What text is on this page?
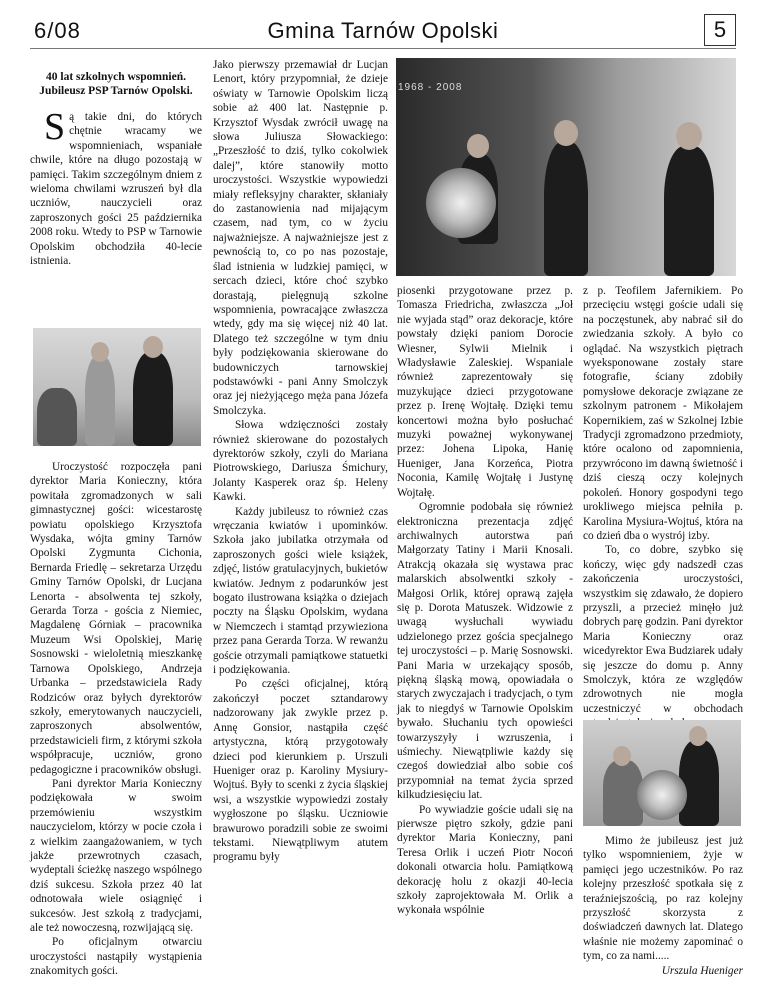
6/08	Gmina Tarnów Opolski	5
40 lat szkolnych wspomnień. Jubileusz PSP Tarnów Opolski.

S ą takie dni, do których chętnie wracamy we wspomnieniach, wspaniałe chwile, które na długo pozostają w pamięci. Takim szczególnym dniem z wieloma chwilami wzruszeń był dla uczniów, nauczycieli oraz zaproszonych gości 25 października 2008 roku. Wtedy to PSP w Tarnowie Opolskim obchodziła 40-lecie istnienia.

Uroczystość rozpoczęła pani dyrektor Maria Konieczny, która powitała zgromadzonych w sali gimnastycznej gości: wicestarostę powiatu opolskiego Krzysztofa Wysdaka, wójta gminy Tarnów Opolski Zygmunta Cichonia, Bernarda Friedlę – sekretarza Urzędu Gminy Tarnów Opolski, dr Lucjana Lenorta - absolwenta tej szkoły, Gerarda Torza - gościa z Niemiec, Magdalenę Górniak – pracownika Muzeum Wsi Opolskiej, Marię Sosnowski - wieloletnią mieszkankę Tarnowa Opolskiego, Andrzeja Urbanka – przedstawiciela Rady Rodziców oraz byłych dyrektorów szkoły, emerytowanych nauczycieli, zaproszonych absolwentów, przedstawicieli firm, z którymi szkoła współpracuje, uczniów, grono pedagogiczne i pracowników obsługi.

Pani dyrektor Maria Konieczny podziękowała w swoim przemówieniu wszystkim nauczycielom, którzy w pocie czoła i z wielkim zaangażowaniem, w tych jakże przewrotnych czasach, wydeptali ścieżkę naszego wspólnego dziś sukcesu. Szkoła przez 40 lat odnotowała wiele osiągnięć i sukcesów. Jest szkołą z tradycjami, ale też nowoczesną, rozwijającą się.

Po oficjalnym otwarciu uroczystości nastąpiły wystąpienia znakomitych gości.

Jako pierwszy przemawiał dr Lucjan Lenort, który przypomniał, że dzieje oświaty w Tarnowie Opolskim liczą sobie aż 400 lat. Następnie p. Krzysztof Wysdak zwrócił uwagę na słowa Juliusza Słowackiego: „Przeszłość to dziś, tylko cokolwiek dalej”, które stanowiły motto uroczystości. Wszystkie wypowiedzi miały refleksyjny charakter, skłaniały do zastanowienia nad mijającym czasem, nad tym, co w życiu najważniejsze. A najważniejsze jest z pewnością to, co po nas pozostaje, ślad istnienia w ludzkiej pamięci, w sercach dzieci, które choć szybko dorastają, pielęgnują szkolne wspomnienia, powracające zwłaszcza wtedy, gdy ma się więcej niż 40 lat. Dlatego też szczególne w tym dniu były podziękowania skierowane do budowniczych tarnowskiej podstawówki - pani Anny Smolczyk oraz jej nieżyjącego męża pana Józefa Smolczyka.

Słowa wdzięczności zostały również skierowane do pozostałych dyrektorów szkoły, czyli do Mariana Piotrowskiego, Dariusza Śmichury, Jolanty Kasperek oraz śp. Heleny Kawki.

Każdy jubileusz to również czas wręczania kwiatów i upominków. Szkoła jako jubilatka otrzymała od zaproszonych gości wiele książek, zdjęć, listów gratulacyjnych, bukietów kwiatów. Jednym z podarunków jest bogato ilustrowana książka o dziejach poczty na Śląsku Opolskim, wydana w Niemczech i stamtąd przywieziona przez pana Gerarda Torza. W rewanżu goście otrzymali pamiątkowe statuetki i podziękowania.

Po części oficjalnej, którą zakończył poczet sztandarowy nadzorowany jak zwykle przez p. Annę Gonsior, nastąpiła część artystyczna, którą przygotowały dzieci pod kierunkiem p. Urszuli Hueniger oraz p. Karoliny Mysiury-Wojtuś. Były to scenki z życia śląskiej wsi, a wszystkie wypowiedzi zostały wygłoszone po śląsku. Uczniowie brawurowo poradzili sobie ze swoimi tekstami. Niewątpliwym atutem programu były

1968 - 2008

piosenki przygotowane przez p. Tomasza Friedricha, zwłaszcza „Joł nie wyjada stąd” oraz dekoracje, które powstały dzięki paniom Dorocie Wiesner, Sylwii Mielnik i Władysławie Zaleskiej. Wspaniale również zaprezentowały się muzykujące dzieci przygotowane przez p. Irenę Wojtałę. Dzięki temu koncertowi można było posłuchać muzyki poważnej wykonywanej przez: Johena Lipoka, Hanię Hueniger, Jana Korzeńca, Piotra Noconia, Kamilę Wojtałę i Justynę Wojtałę.

Ogromnie podobała się również elektroniczna prezentacja zdjęć archiwalnych autorstwa pań Małgorzaty Tatiny i Marii Knosali. Atrakcją okazała się wystawa prac malarskich absolwentki szkoły - Małgosi Orlik, której oprawą zajęła się p. Dorota Matuszek. Widzowie z uwagą wysłuchali wywiadu udzielonego przez gościa specjalnego tej uroczystości – p. Marię Sosnowski. Pani Maria w urzekający sposób, piękną śląską mową, opowiadała o starych zwyczajach i tradycjach, o tym jak to niegdyś w Tarnowie Opolskim bywało. Słuchaniu tych opowieści towarzyszyły i wzruszenia, i uśmiechy. Niewątpliwie każdy się czegoś dowiedział albo sobie coś przypomniał na temat życia sprzed kilkudziesięciu lat.

Po wywiadzie goście udali się na pierwsze piętro szkoły, gdzie pani dyrektor Maria Konieczny, pani Teresa Orlik i uczeń Piotr Nocoń dokonali otwarcia holu. Pamiątkową dekorację holu z okazji 40-lecia szkoły zaprojektowała M. Orlik a wykonała wspólnie

z p. Teofilem Jafernikiem. Po przecięciu wstęgi goście udali się na poczęstunek, aby nabrać sił do zwiedzania szkoły. A było co oglądać. Na wszystkich piętrach wyeksponowane zostały stare fotografie, ściany zdobiły pomysłowe dekoracje związane ze szkolnym patronem - Mikołajem Kopernikiem, zaś w Szkolnej Izbie Tradycji zgromadzono przedmioty, które ocalono od zapomnienia, przywrócono im dawną świetność i dziś cieszą oczy kolejnych pokoleń. Honory gospodyni tego urokliwego miejsca pełniła p. Karolina Mysiura-Wojtuś, która na co dzień dba o wystrój izby.

To, co dobre, szybko się kończy, więc gdy nadszedł czas zakończenia uroczystości, wszystkim się zdawało, że dopiero przyszli, a przecież minęło już dobrych parę godzin. Pani dyrektor Maria Konieczny oraz wicedyrektor Ewa Budziarek udały się jeszcze do domu p. Anny Smolczyk, która ze względów zdrowotnych nie mogła uczestniczyć w obchodach

Mimo że jubileusz jest już tylko wspomnieniem, żyje w pamięci jego uczestników. Po raz kolejny przeszłość spotkała się z teraźniejszością, po raz kolejny przyszłość skorzysta z doświadczeń dawnych lat. Dlatego właśnie nie możemy zapominać o tym, co za nami.....

Urszula Hueniger
